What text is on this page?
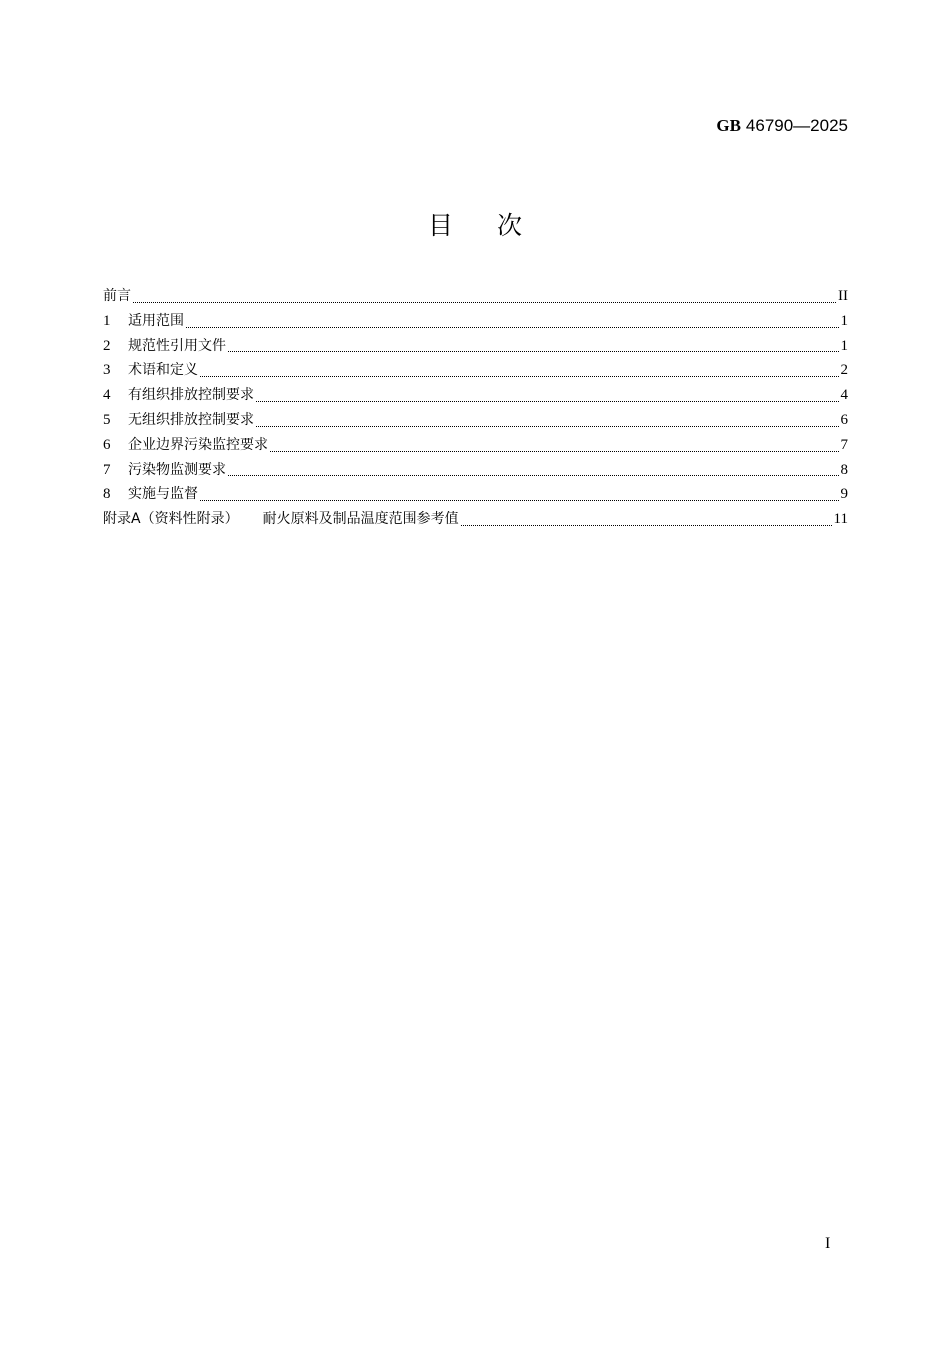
GB 46790—2025
目次
前言	II
1	适用范围	1
2	规范性引用文件	1
3	术语和定义	2
4	有组织排放控制要求	4
5	无组织排放控制要求	6
6	企业边界污染监控要求	7
7	污染物监测要求	8
8	实施与监督	9
附录A（资料性附录） 耐火原料及制品温度范围参考值	11
I
